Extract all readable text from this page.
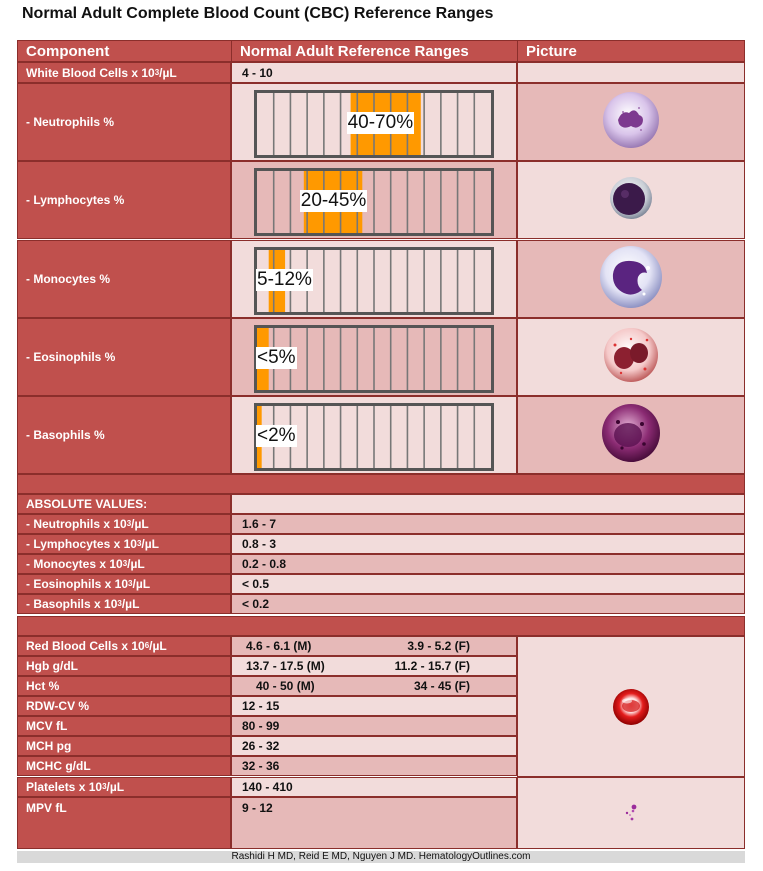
Normal Adult Complete Blood Count (CBC) Reference Ranges
Component	Normal Adult Reference Ranges	Picture
White Blood Cells x 10 3 /µL	4 - 10
- Neutrophils %	40-70%
- Lymphocytes %	20-45%
- Monocytes %	5-12%
- Eosinophils %	<5%
- Basophils %	<2%
ABSOLUTE VALUES:
- Neutrophils x 10 3 /µL	1.6 - 7
- Lymphocytes x 10 3 /µL	0.8 - 3
- Monocytes x 10 3 /µL	0.2 - 0.8
- Eosinophils x 10 3 /µL	< 0.5
- Basophils x 10 3 /µL	< 0.2
Red Blood Cells x 10 6 /µL	4.6 - 6.1 (M)	3.9 - 5.2 (F)
Hgb g/dL	13.7 - 17.5 (M)	11.2 - 15.7 (F)
Hct %	40 - 50 (M)	34 - 45 (F)
RDW-CV %	12 - 15
MCV fL	80 - 99
MCH pg	26 - 32
MCHC g/dL	32 - 36
Platelets x 10 3 /µL	140 - 410
MPV fL	9 - 12
Rashidi H MD, Reid E MD, Nguyen J MD. HematologyOutlines.com
